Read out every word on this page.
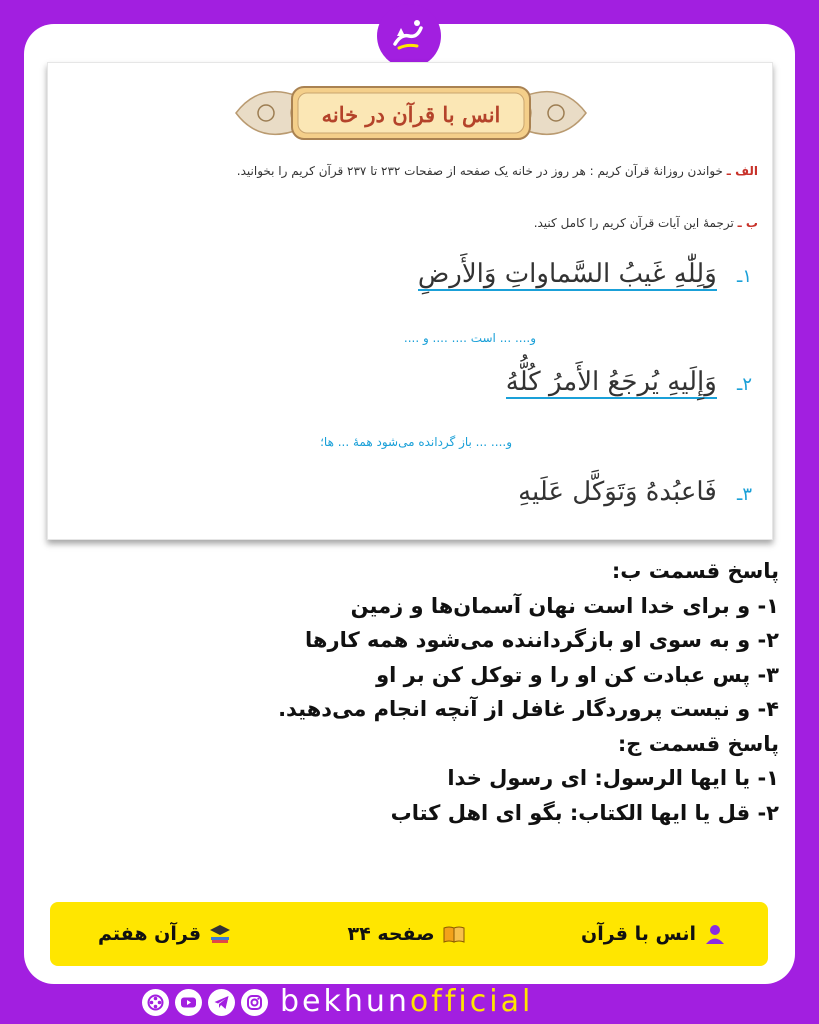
انس با قرآن در خانه
الف ـ خواندن روزانهٔ قرآن کریم : هر روز در خانه یک صفحه از صفحات ۲۳۲ تا ۲۳۷ قرآن کریم را بخوانید.
ب ـ ترجمهٔ این آیات قرآن کریم را کامل کنید.
۱ـ وَلِلّٰهِ غَیبُ السَّماواتِ وَالأَرضِ
و.... ... است .... .... و ....
۲ـ وَإِلَیهِ یُرجَعُ الأَمرُ کُلُّهُ
و.... ... باز گردانده می‌شود همهٔ ... ها؛
۳ـ فَاعبُدهُ وَتَوَکَّل عَلَیهِ
پاسخ قسمت ب:
۱- و برای خدا است نهان آسمان‌ها و زمین
۲- و به سوی او بازگرداننده می‌شود همه کارها
۳- پس عبادت کن او را و توکل کن بر او
۴- و نیست پروردگار غافل از آنچه انجام می‌دهید.
پاسخ قسمت ج:
۱- یا ایها الرسول: ای رسول خدا
۲- قل یا ایها الکتاب: بگو ای اهل کتاب
انس با قرآن
صفحه ۳۴
قرآن هفتم
bekhunofficial
